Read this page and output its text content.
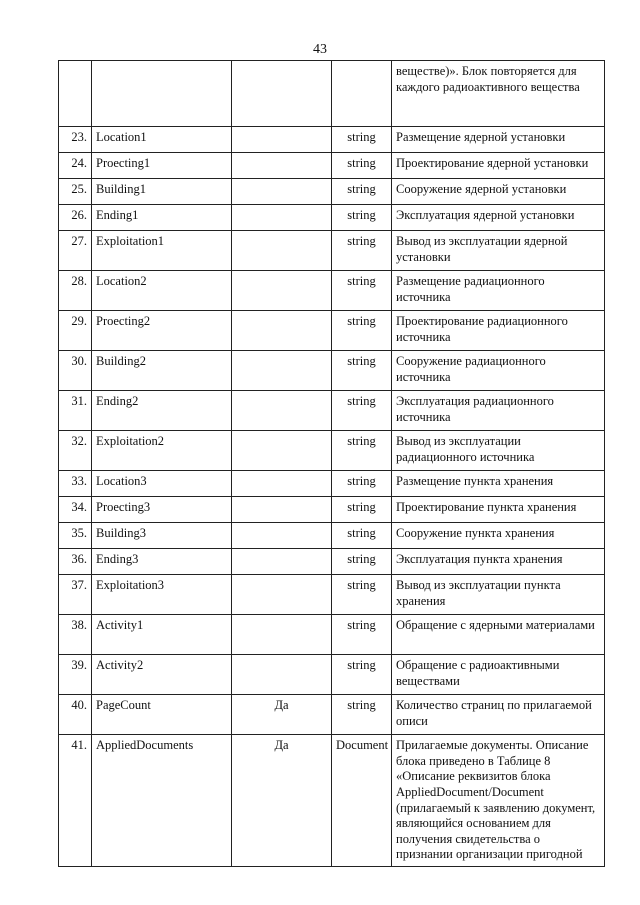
43
				веществе)». Блок повторяется для каждого радиоактивного вещества
23.	Location1		string	Размещение ядерной установки
24.	Proecting1		string	Проектирование ядерной установки
25.	Building1		string	Сооружение ядерной установки
26.	Ending1		string	Эксплуатация ядерной установки
27.	Exploitation1		string	Вывод из эксплуатации ядерной установки
28.	Location2		string	Размещение радиационного источника
29.	Proecting2		string	Проектирование радиационного источника
30.	Building2		string	Сооружение радиационного источника
31.	Ending2		string	Эксплуатация радиационного источника
32.	Exploitation2		string	Вывод из эксплуатации радиационного источника
33.	Location3		string	Размещение пункта хранения
34.	Proecting3		string	Проектирование пункта хранения
35.	Building3		string	Сооружение пункта хранения
36.	Ending3		string	Эксплуатация пункта хранения
37.	Exploitation3		string	Вывод из эксплуатации пункта хранения
38.	Activity1		string	Обращение с ядерными материалами
39.	Activity2		string	Обращение с радиоактивными веществами
40.	PageCount	Да	string	Количество страниц по прилагаемой описи
41.	AppliedDocuments	Да	Document	Прилагаемые документы. Описание блока приведено в Таблице 8 «Описание реквизитов блока AppliedDocument/Document (прилагаемый к заявлению документ, являющийся основанием для получения свидетельства о признании организации пригодной
